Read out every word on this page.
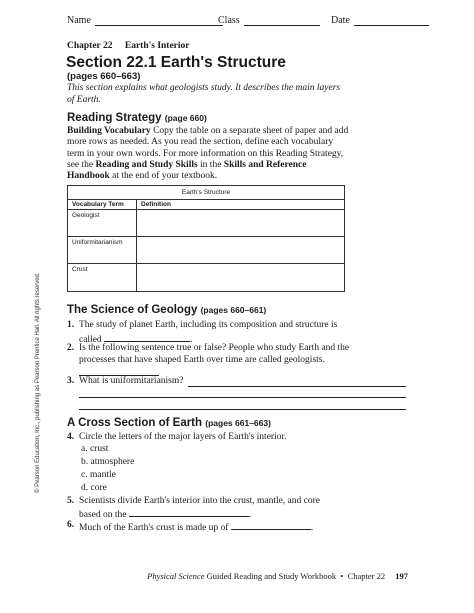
Name	Class	Date
Chapter 22 Earth's Interior
Section 22.1 Earth's Structure
(pages 660–663)
This section explains what geologists study. It describes the main layers of Earth.
Reading Strategy (page 660)
Building Vocabulary Copy the table on a separate sheet of paper and add more rows as needed. As you read the section, define each vocabulary term in your own words. For more information on this Reading Strategy, see the Reading and Study Skills in the Skills and Reference Handbook at the end of your textbook.
Earth's Structure
Vocabulary Term	Definition
Geologist
Uniformitarianism
Crust
The Science of Geology (pages 660–661)
1. The study of planet Earth, including its composition and structure is called	.
2. Is the following sentence true or false? People who study Earth and the processes that have shaped Earth over time are called geologists.
3. What is uniformitarianism?
A Cross Section of Earth (pages 661–663)
4. Circle the letters of the major layers of Earth's interior.
a. crust
b. atmosphere
c. mantle
d. core
5. Scientists divide Earth's interior into the crust, mantle, and core
based on the	.
6. Much of the Earth's crust is made up of	.
© Pearson Education, Inc., publishing as Pearson Prentice Hall. All rights reserved.
Physical Science Guided Reading and Study Workbook • Chapter 22 197
